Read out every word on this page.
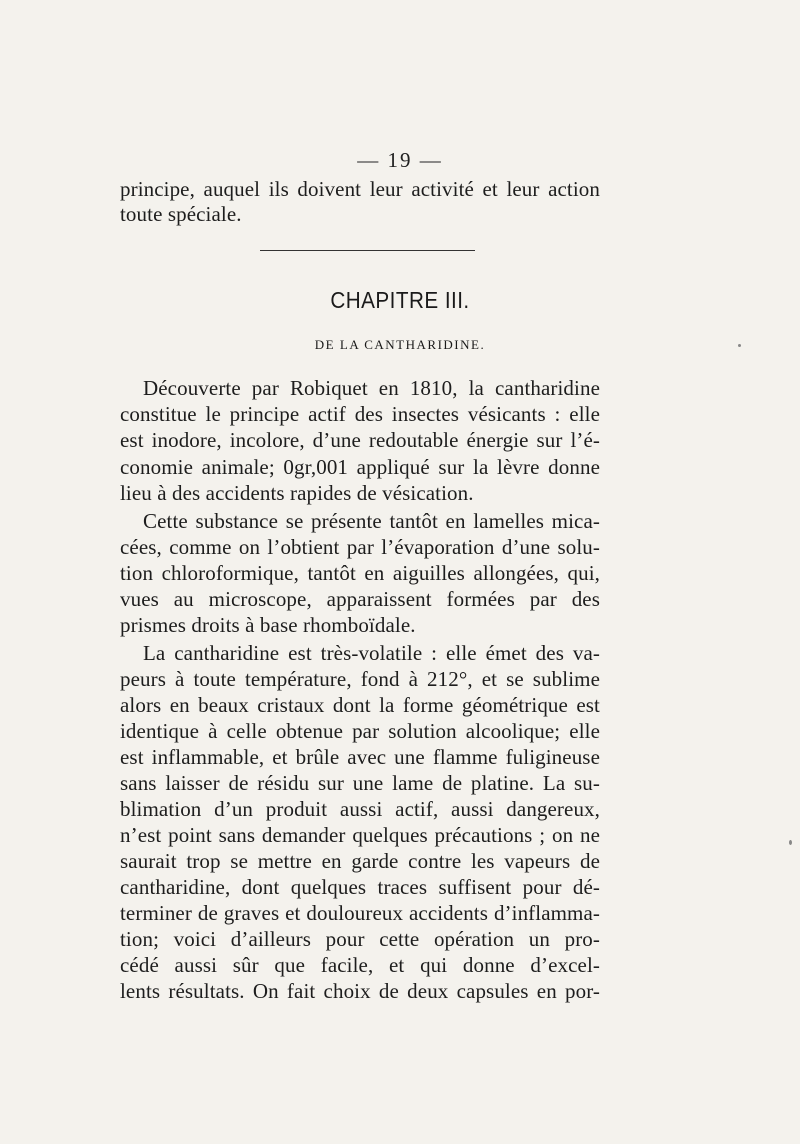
— 19 —
principe, auquel ils doivent leur activité et leur action
toute spéciale.
CHAPITRE III.
DE LA CANTHARIDINE.
Découverte par Robiquet en 1810, la cantharidine
constitue le principe actif des insectes vésicants : elle
est inodore, incolore, d’une redoutable énergie sur l’é-
conomie animale; 0gr,001 appliqué sur la lèvre donne
lieu à des accidents rapides de vésication.
Cette substance se présente tantôt en lamelles mica-
cées, comme on l’obtient par l’évaporation d’une solu-
tion chloroformique, tantôt en aiguilles allongées, qui,
vues au microscope, apparaissent formées par des
prismes droits à base rhomboïdale.
La cantharidine est très-volatile : elle émet des va-
peurs à toute température, fond à 212°, et se sublime
alors en beaux cristaux dont la forme géométrique est
identique à celle obtenue par solution alcoolique; elle
est inflammable, et brûle avec une flamme fuligineuse
sans laisser de résidu sur une lame de platine. La su-
blimation d’un produit aussi actif, aussi dangereux,
n’est point sans demander quelques précautions ; on ne
saurait trop se mettre en garde contre les vapeurs de
cantharidine, dont quelques traces suffisent pour dé-
terminer de graves et douloureux accidents d’inflamma-
tion; voici d’ailleurs pour cette opération un pro-
cédé aussi sûr que facile, et qui donne d’excel-
lents résultats. On fait choix de deux capsules en por-
